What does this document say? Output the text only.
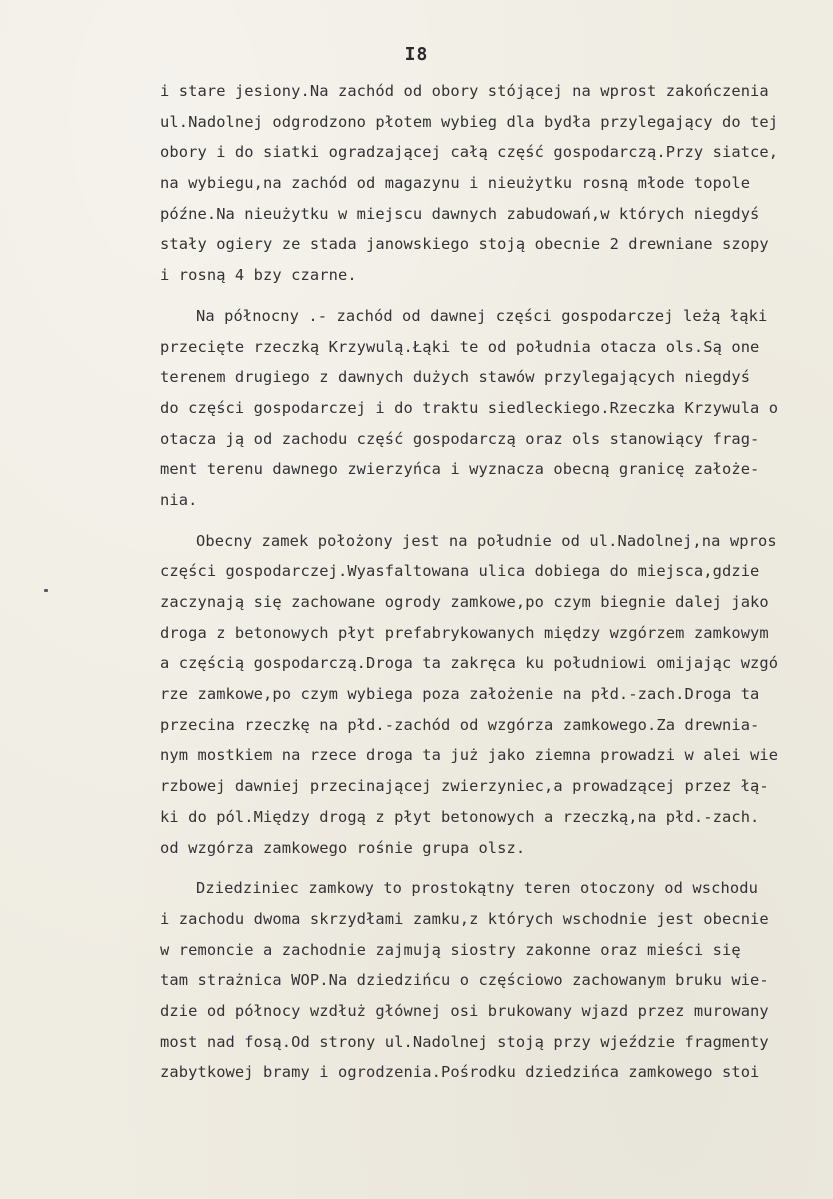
I8
i stare jesiony.Na zachód od obory stójącej na wprost zakończenia
ul.Nadolnej odgrodzono płotem wybieg dla bydła przylegający do tej
obory i do siatki ogradzającej całą część gospodarczą.Przy siatce,
na wybiegu,na zachód od magazynu i nieużytku rosną młode topole
późne.Na nieużytku w miejscu dawnych zabudowań,w których niegdyś
stały ogiery ze stada janowskiego stoją obecnie 2 drewniane szopy
i rosną 4 bzy czarne.
Na północny .- zachód od dawnej części gospodarczej leżą łąki
przecięte rzeczką Krzywulą.Łąki te od południa otacza ols.Są one
terenem drugiego z dawnych dużych stawów przylegających niegdyś
do części gospodarczej i do traktu siedleckiego.Rzeczka Krzywula o
otacza ją od zachodu część gospodarczą oraz ols stanowiący frag-
ment terenu dawnego zwierzyńca i wyznacza obecną granicę założe-
nia.
Obecny zamek położony jest na południe od ul.Nadolnej,na wpros
części gospodarczej.Wyasfaltowana ulica dobiega do miejsca,gdzie
zaczynają się zachowane ogrody zamkowe,po czym biegnie dalej jako
droga z betonowych płyt prefabrykowanych między wzgórzem zamkowym
a częścią gospodarczą.Droga ta zakręca ku południowi omijając wzgó
rze zamkowe,po czym wybiega poza założenie na płd.-zach.Droga ta
przecina rzeczkę na płd.-zachód od wzgórza zamkowego.Za drewnia-
nym mostkiem na rzece droga ta już jako ziemna prowadzi w alei wie
rzbowej dawniej przecinającej zwierzyniec,a prowadzącej przez łą-
ki do pól.Między drogą z płyt betonowych a rzeczką,na płd.-zach.
od wzgórza zamkowego rośnie grupa olsz.
Dziedziniec zamkowy to prostokątny teren otoczony od wschodu
i zachodu dwoma skrzydłami zamku,z których wschodnie jest obecnie
w remoncie a zachodnie zajmują siostry zakonne oraz mieści się
tam strażnica WOP.Na dziedzińcu o częściowo zachowanym bruku wie-
dzie od północy wzdłuż głównej osi brukowany wjazd przez murowany
most nad fosą.Od strony ul.Nadolnej stoją przy wjeździe fragmenty
zabytkowej bramy i ogrodzenia.Pośrodku dziedzińca zamkowego stoi
